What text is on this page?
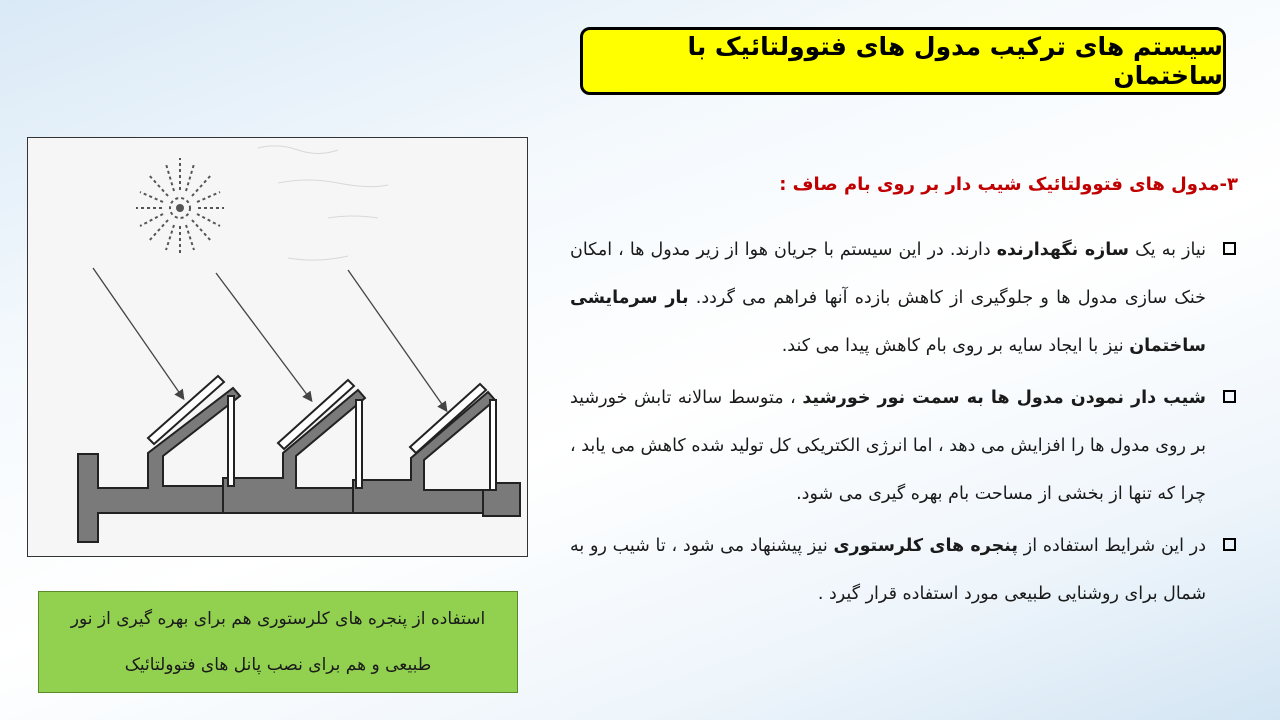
سیستم های ترکیب مدول های فتوولتائیک با ساختمان
۳-مدول های فتوولتائیک شیب دار بر روی بام صاف :
نیاز به یک سازه نگهدارنده دارند. در این سیستم با جریان هوا از زیر مدول ها ، امکان خنک سازی مدول ها و جلوگیری از کاهش بازده آنها فراهم می گردد. بار سرمایشی ساختمان نیز با ایجاد سایه بر روی بام کاهش پیدا می کند.
شیب دار نمودن مدول ها به سمت نور خورشید ، متوسط سالانه تابش خورشید بر روی مدول ها را افزایش می دهد ، اما انرژی الکتریکی کل تولید شده کاهش می یابد ، چرا که تنها از بخشی از مساحت بام بهره گیری می شود.
در این شرایط استفاده از پنجره های کلرستوری نیز پیشنهاد می شود ، تا شیب رو به شمال برای روشنایی طبیعی مورد استفاده قرار گیرد .
استفاده از پنجره های کلرستوری هم برای بهره گیری از نور طبیعی و هم برای نصب پانل های فتوولتائیک
